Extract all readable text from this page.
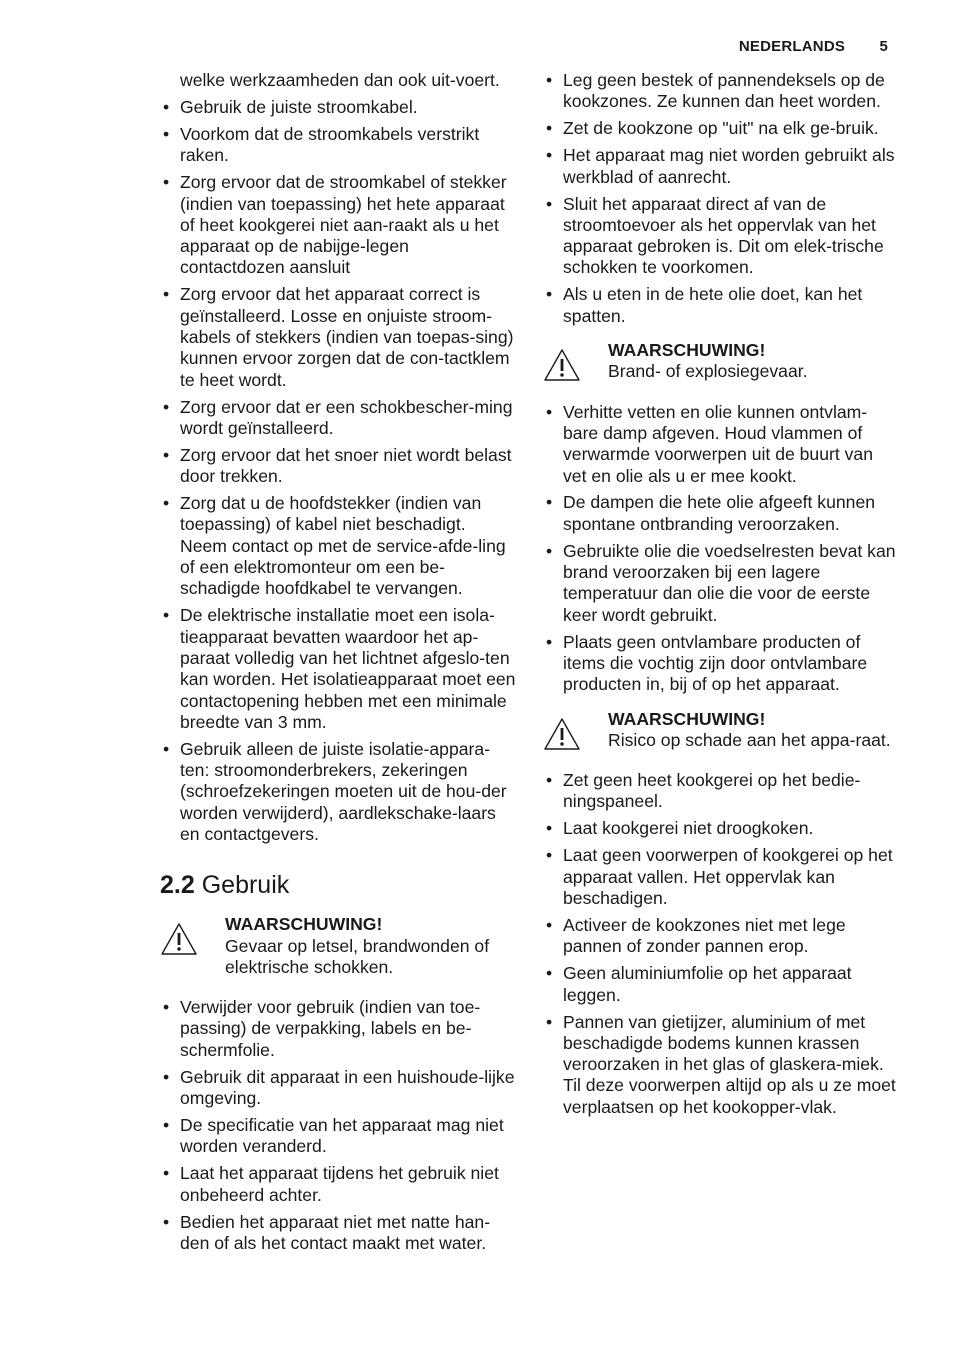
NEDERLANDS 5
welke werkzaamheden dan ook uit-voert.
• Gebruik de juiste stroomkabel.
• Voorkom dat de stroomkabels verstrikt raken.
• Zorg ervoor dat de stroomkabel of stekker (indien van toepassing) het hete apparaat of heet kookgerei niet aan-raakt als u het apparaat op de nabijge-legen contactdozen aansluit
• Zorg ervoor dat het apparaat correct is geïnstalleerd. Losse en onjuiste stroom-kabels of stekkers (indien van toepas-sing) kunnen ervoor zorgen dat de con-tactklem te heet wordt.
• Zorg ervoor dat er een schokbescher-ming wordt geïnstalleerd.
• Zorg ervoor dat het snoer niet wordt belast door trekken.
• Zorg dat u de hoofdstekker (indien van toepassing) of kabel niet beschadigt. Neem contact op met de service-afde-ling of een elektromonteur om een be-schadigde hoofdkabel te vervangen.
• De elektrische installatie moet een isola-tieapparaat bevatten waardoor het ap-paraat volledig van het lichtnet afgeslo-ten kan worden. Het isolatieapparaat moet een contactopening hebben met een minimale breedte van 3 mm.
• Gebruik alleen de juiste isolatie-appara-ten: stroomonderbrekers, zekeringen (schroefzekeringen moeten uit de hou-der worden verwijderd), aardlekschake-laars en contactgevers.
2.2 Gebruik
WAARSCHUWING!
Gevaar op letsel, brandwonden of elektrische schokken.
• Verwijder voor gebruik (indien van toe-passing) de verpakking, labels en be-schermfolie.
• Gebruik dit apparaat in een huishoude-lijke omgeving.
• De specificatie van het apparaat mag niet worden veranderd.
• Laat het apparaat tijdens het gebruik niet onbeheerd achter.
• Bedien het apparaat niet met natte han-den of als het contact maakt met water.
• Leg geen bestek of pannendeksels op de kookzones. Ze kunnen dan heet worden.
• Zet de kookzone op "uit" na elk ge-bruik.
• Het apparaat mag niet worden gebruikt als werkblad of aanrecht.
• Sluit het apparaat direct af van de stroomtoevoer als het oppervlak van het apparaat gebroken is. Dit om elek-trische schokken te voorkomen.
• Als u eten in de hete olie doet, kan het spatten.
WAARSCHUWING!
Brand- of explosiegevaar.
• Verhitte vetten en olie kunnen ontvlam-bare damp afgeven. Houd vlammen of verwarmde voorwerpen uit de buurt van vet en olie als u er mee kookt.
• De dampen die hete olie afgeeft kunnen spontane ontbranding veroorzaken.
• Gebruikte olie die voedselresten bevat kan brand veroorzaken bij een lagere temperatuur dan olie die voor de eerste keer wordt gebruikt.
• Plaats geen ontvlambare producten of items die vochtig zijn door ontvlambare producten in, bij of op het apparaat.
WAARSCHUWING!
Risico op schade aan het appa-raat.
• Zet geen heet kookgerei op het bedie-ningspaneel.
• Laat kookgerei niet droogkoken.
• Laat geen voorwerpen of kookgerei op het apparaat vallen. Het oppervlak kan beschadigen.
• Activeer de kookzones niet met lege pannen of zonder pannen erop.
• Geen aluminiumfolie op het apparaat leggen.
• Pannen van gietijzer, aluminium of met beschadigde bodems kunnen krassen veroorzaken in het glas of glaskera-miek. Til deze voorwerpen altijd op als u ze moet verplaatsen op het kookopper-vlak.
